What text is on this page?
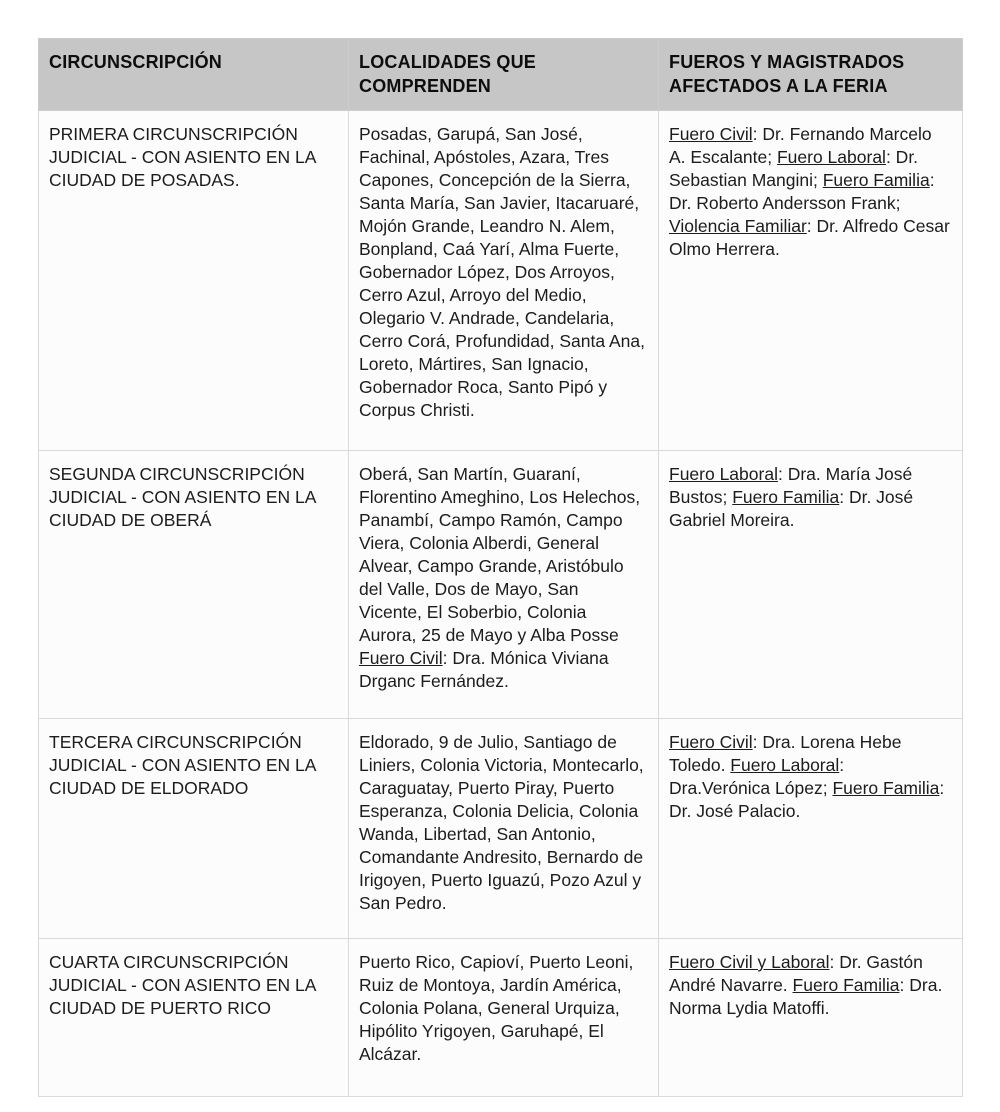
CIRCUNSCRIPCIÓN	LOCALIDADES QUE COMPRENDEN	FUEROS Y MAGISTRADOS AFECTADOS A LA FERIA
PRIMERA CIRCUNSCRIPCIÓN JUDICIAL - CON ASIENTO EN LA CIUDAD DE POSADAS.	Posadas, Garupá, San José, Fachinal, Apóstoles, Azara, Tres Capones, Concepción de la Sierra, Santa María, San Javier, Itacaruaré, Mojón Grande, Leandro N. Alem, Bonpland, Caá Yarí, Alma Fuerte, Gobernador López, Dos Arroyos, Cerro Azul, Arroyo del Medio, Olegario V. Andrade, Candelaria, Cerro Corá, Profundidad, Santa Ana, Loreto, Mártires, San Ignacio, Gobernador Roca, Santo Pipó y Corpus Christi.	Fuero Civil: Dr. Fernando Marcelo A. Escalante; Fuero Laboral: Dr. Sebastian Mangini; Fuero Familia: Dr. Roberto Andersson Frank; Violencia Familiar: Dr. Alfredo Cesar Olmo Herrera.
SEGUNDA CIRCUNSCRIPCIÓN JUDICIAL - CON ASIENTO EN LA CIUDAD DE OBERÁ	Oberá, San Martín, Guaraní, Florentino Ameghino, Los Helechos, Panambí, Campo Ramón, Campo Viera, Colonia Alberdi, General Alvear, Campo Grande, Aristóbulo del Valle, Dos de Mayo, San Vicente, El Soberbio, Colonia Aurora, 25 de Mayo y Alba Posse Fuero Civil: Dra. Mónica Viviana Drganc Fernández.	Fuero Laboral: Dra. María José Bustos; Fuero Familia: Dr. José Gabriel Moreira.
TERCERA CIRCUNSCRIPCIÓN JUDICIAL - CON ASIENTO EN LA CIUDAD DE ELDORADO	Eldorado, 9 de Julio, Santiago de Liniers, Colonia Victoria, Montecarlo, Caraguatay, Puerto Piray, Puerto Esperanza, Colonia Delicia, Colonia Wanda, Libertad, San Antonio, Comandante Andresito, Bernardo de Irigoyen, Puerto Iguazú, Pozo Azul y San Pedro.	Fuero Civil: Dra. Lorena Hebe Toledo. Fuero Laboral: Dra.Verónica López; Fuero Familia: Dr. José Palacio.
CUARTA CIRCUNSCRIPCIÓN JUDICIAL - CON ASIENTO EN LA CIUDAD DE PUERTO RICO	Puerto Rico, Capioví, Puerto Leoni, Ruiz de Montoya, Jardín América, Colonia Polana, General Urquiza, Hipólito Yrigoyen, Garuhapé, El Alcázar.	Fuero Civil y Laboral: Dr. Gastón André Navarre. Fuero Familia: Dra. Norma Lydia Matoffi.
